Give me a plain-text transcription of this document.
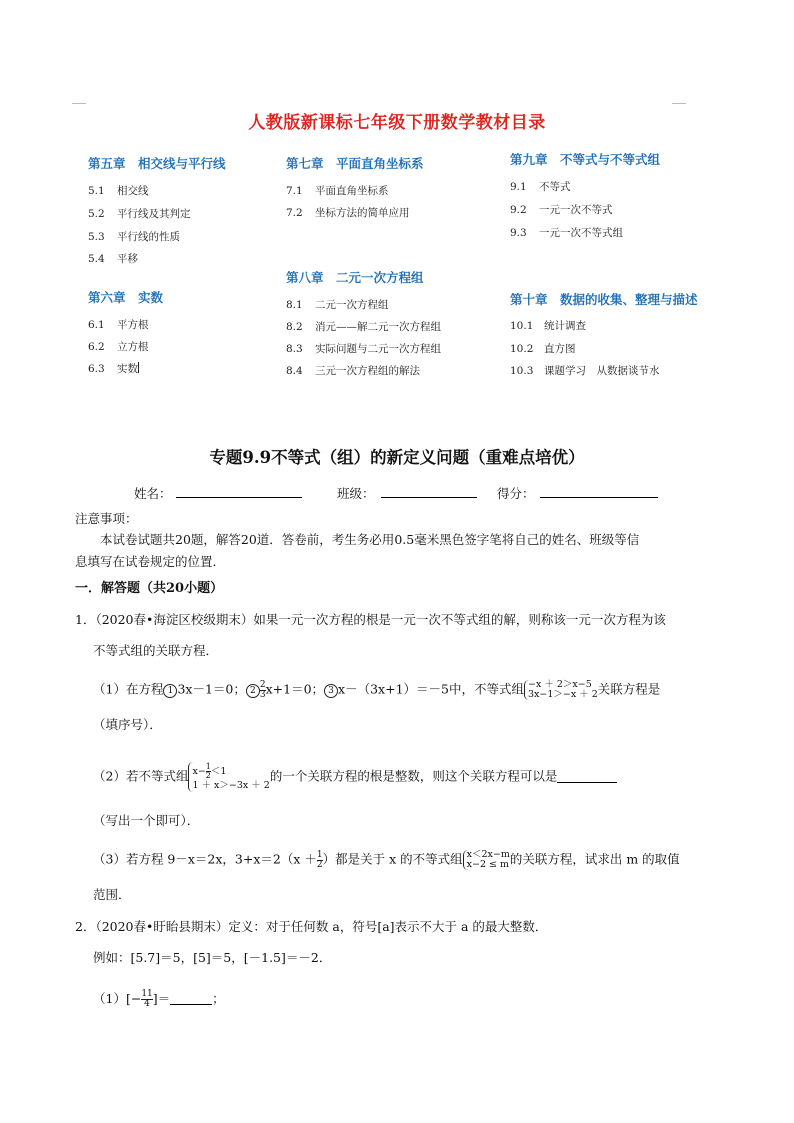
人教版新课标七年级下册数学教材目录
第五章　相交线与平行线
5.1 相交线
5.2 平行线及其判定
5.3 平行线的性质
5.4 平移
第六章　实数
6.1 平方根
6.2 立方根
6.3 实数
第七章　平面直角坐标系
7.1 平面直角坐标系
7.2 坐标方法的简单应用
第八章　二元一次方程组
8.1 二元一次方程组
8.2 消元——解二元一次方程组
8.3 实际问题与二元一次方程组
8.4 三元一次方程组的解法
第九章　不等式与不等式组
9.1 不等式
9.2 一元一次不等式
9.3 一元一次不等式组
第十章　数据的收集、整理与描述
10.1 统计调查
10.2 直方图
10.3 课题学习　从数据谈节水
专题9.9不等式（组）的新定义问题（重难点培优）
姓名：	班级：	得分：
注意事项：
本试卷试题共20题，解答20道．答卷前，考生务必用0.5毫米黑色签字笔将自己的姓名、班级等信
息填写在试卷规定的位置．
一．解答题（共20小题）
1．（2020春•海淀区校级期末）如果一元一次方程的根是一元一次不等式组的解，则称该一元一次方程为该
不等式组的关联方程．
（1）在方程 1 3x－1＝0； $2 \frac{2}{3} x+1=0$； 3 x－（3x+1）＝－5中，不等式组 −x ＋ 2＞x−5
3x−1＞−x ＋ 2 关联方程是
（填序号）．
（2）若不等式组 $x- \frac{1}{2} <1$
1 ＋ x＞−3x ＋ 2
的一个关联方程的根是整数，则这个关联方程可以是
（写出一个即可）．
（3）若方程 9－x＝2x，$3+x=2(x + \frac{1}{2}$ ）都是关于 x 的不等式组 x＜2x−m
x−2 ≤ m 的关联方程，试求出 m 的取值
范围．
2．（2020春•盱眙县期末）定义：对于任何数 a，符号[a]表示不大于 a 的最大整数．
例如：[5.7]＝5，[5]＝5，[－1.5]＝－2．
$(1)[- \frac{11}{4}$ ]＝	；
